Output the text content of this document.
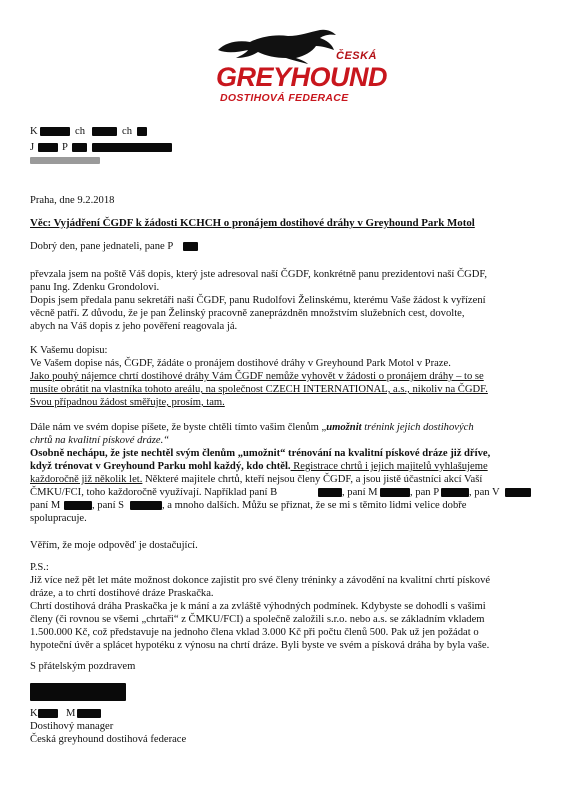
ČESKÁ
GREYHOUND
DOSTIHOVÁ FEDERACE
K	ch	ch
J	P
Praha, dne 9.2.2018
Věc: Vyjádření ČGDF k žádosti KCHCH o pronájem dostihové dráhy v Greyhound Park Motol
Dobrý den, pane jednateli, pane P
převzala jsem na poště Váš dopis, který jste adresoval naší ČGDF, konkrétně panu prezidentovi naší ČGDF,
panu Ing. Zdenku Grondolovi.
Dopis jsem předala panu sekretáři naší ČGDF, panu Rudolfovi Želinskému, kterému Vaše žádost k vyřízení
věcně patří. Z důvodu, že je pan Želinský pracovně zaneprázdněn množstvím služebních cest, dovolte,
abych na Váš dopis z jeho pověření reagovala já.
K Vašemu dopisu:
Ve Vašem dopise nás, ČGDF, žádáte o pronájem dostihové dráhy v Greyhound Park Motol v Praze.
Jako pouhý nájemce chrtí dostihové dráhy Vám ČGDF nemůže vyhovět v žádosti o pronájem dráhy – to se
musíte obrátit na vlastníka tohoto areálu, na společnost CZECH INTERNATIONAL, a.s., nikoliv na ČGDF.
Svou případnou žádost směřujte, prosím, tam.
Dále nám ve svém dopise píšete, že byste chtěli tímto vašim členům „umožnit trénink jejich dostihových
chrtů na kvalitní pískové dráze.“
Osobně nechápu, že jste nechtěl svým členům „umožnit“ trénování na kvalitní pískové dráze již dříve,
když trénovat v Greyhound Parku mohl každý, kdo chtěl. Registrace chrtů i jejich majitelů vyhlašujeme
každoročně již několik let. Některé majitele chrtů, kteří nejsou členy ČGDF, a jsou jistě účastníci akcí Vaší
ČMKU/FCI, toho každoročně využívají. Například paní B	, paní M	, pan P	, pan V
paní M	, paní S	, a mnoho dalších. Můžu se přiznat, že se mi s těmito lidmi velice dobře
spolupracuje.
Věřím, že moje odpověď je dostačující.
P.S.:
Již více než pět let máte možnost dokonce zajistit pro své členy tréninky a závodění na kvalitní chrtí pískové
dráze, a to chrtí dostihové dráze Praskačka.
Chrtí dostihová dráha Praskačka je k mání a za zvláště výhodných podmínek. Kdybyste se dohodli s vašimi
členy (či rovnou se všemi „chrtaři“ z ČMKU/FCI) a společně založili s.r.o. nebo a.s. se základním vkladem
1.500.000 Kč, což představuje na jednoho člena vklad 3.000 Kč při počtu členů 500. Pak už jen požádat o
hypoteční úvěr a splácet hypotéku z výnosu na chrtí dráze. Byli byste ve svém a písková dráha by byla vaše.
S přátelským pozdravem
K	M
Dostihový manager
Česká greyhound dostihová federace
